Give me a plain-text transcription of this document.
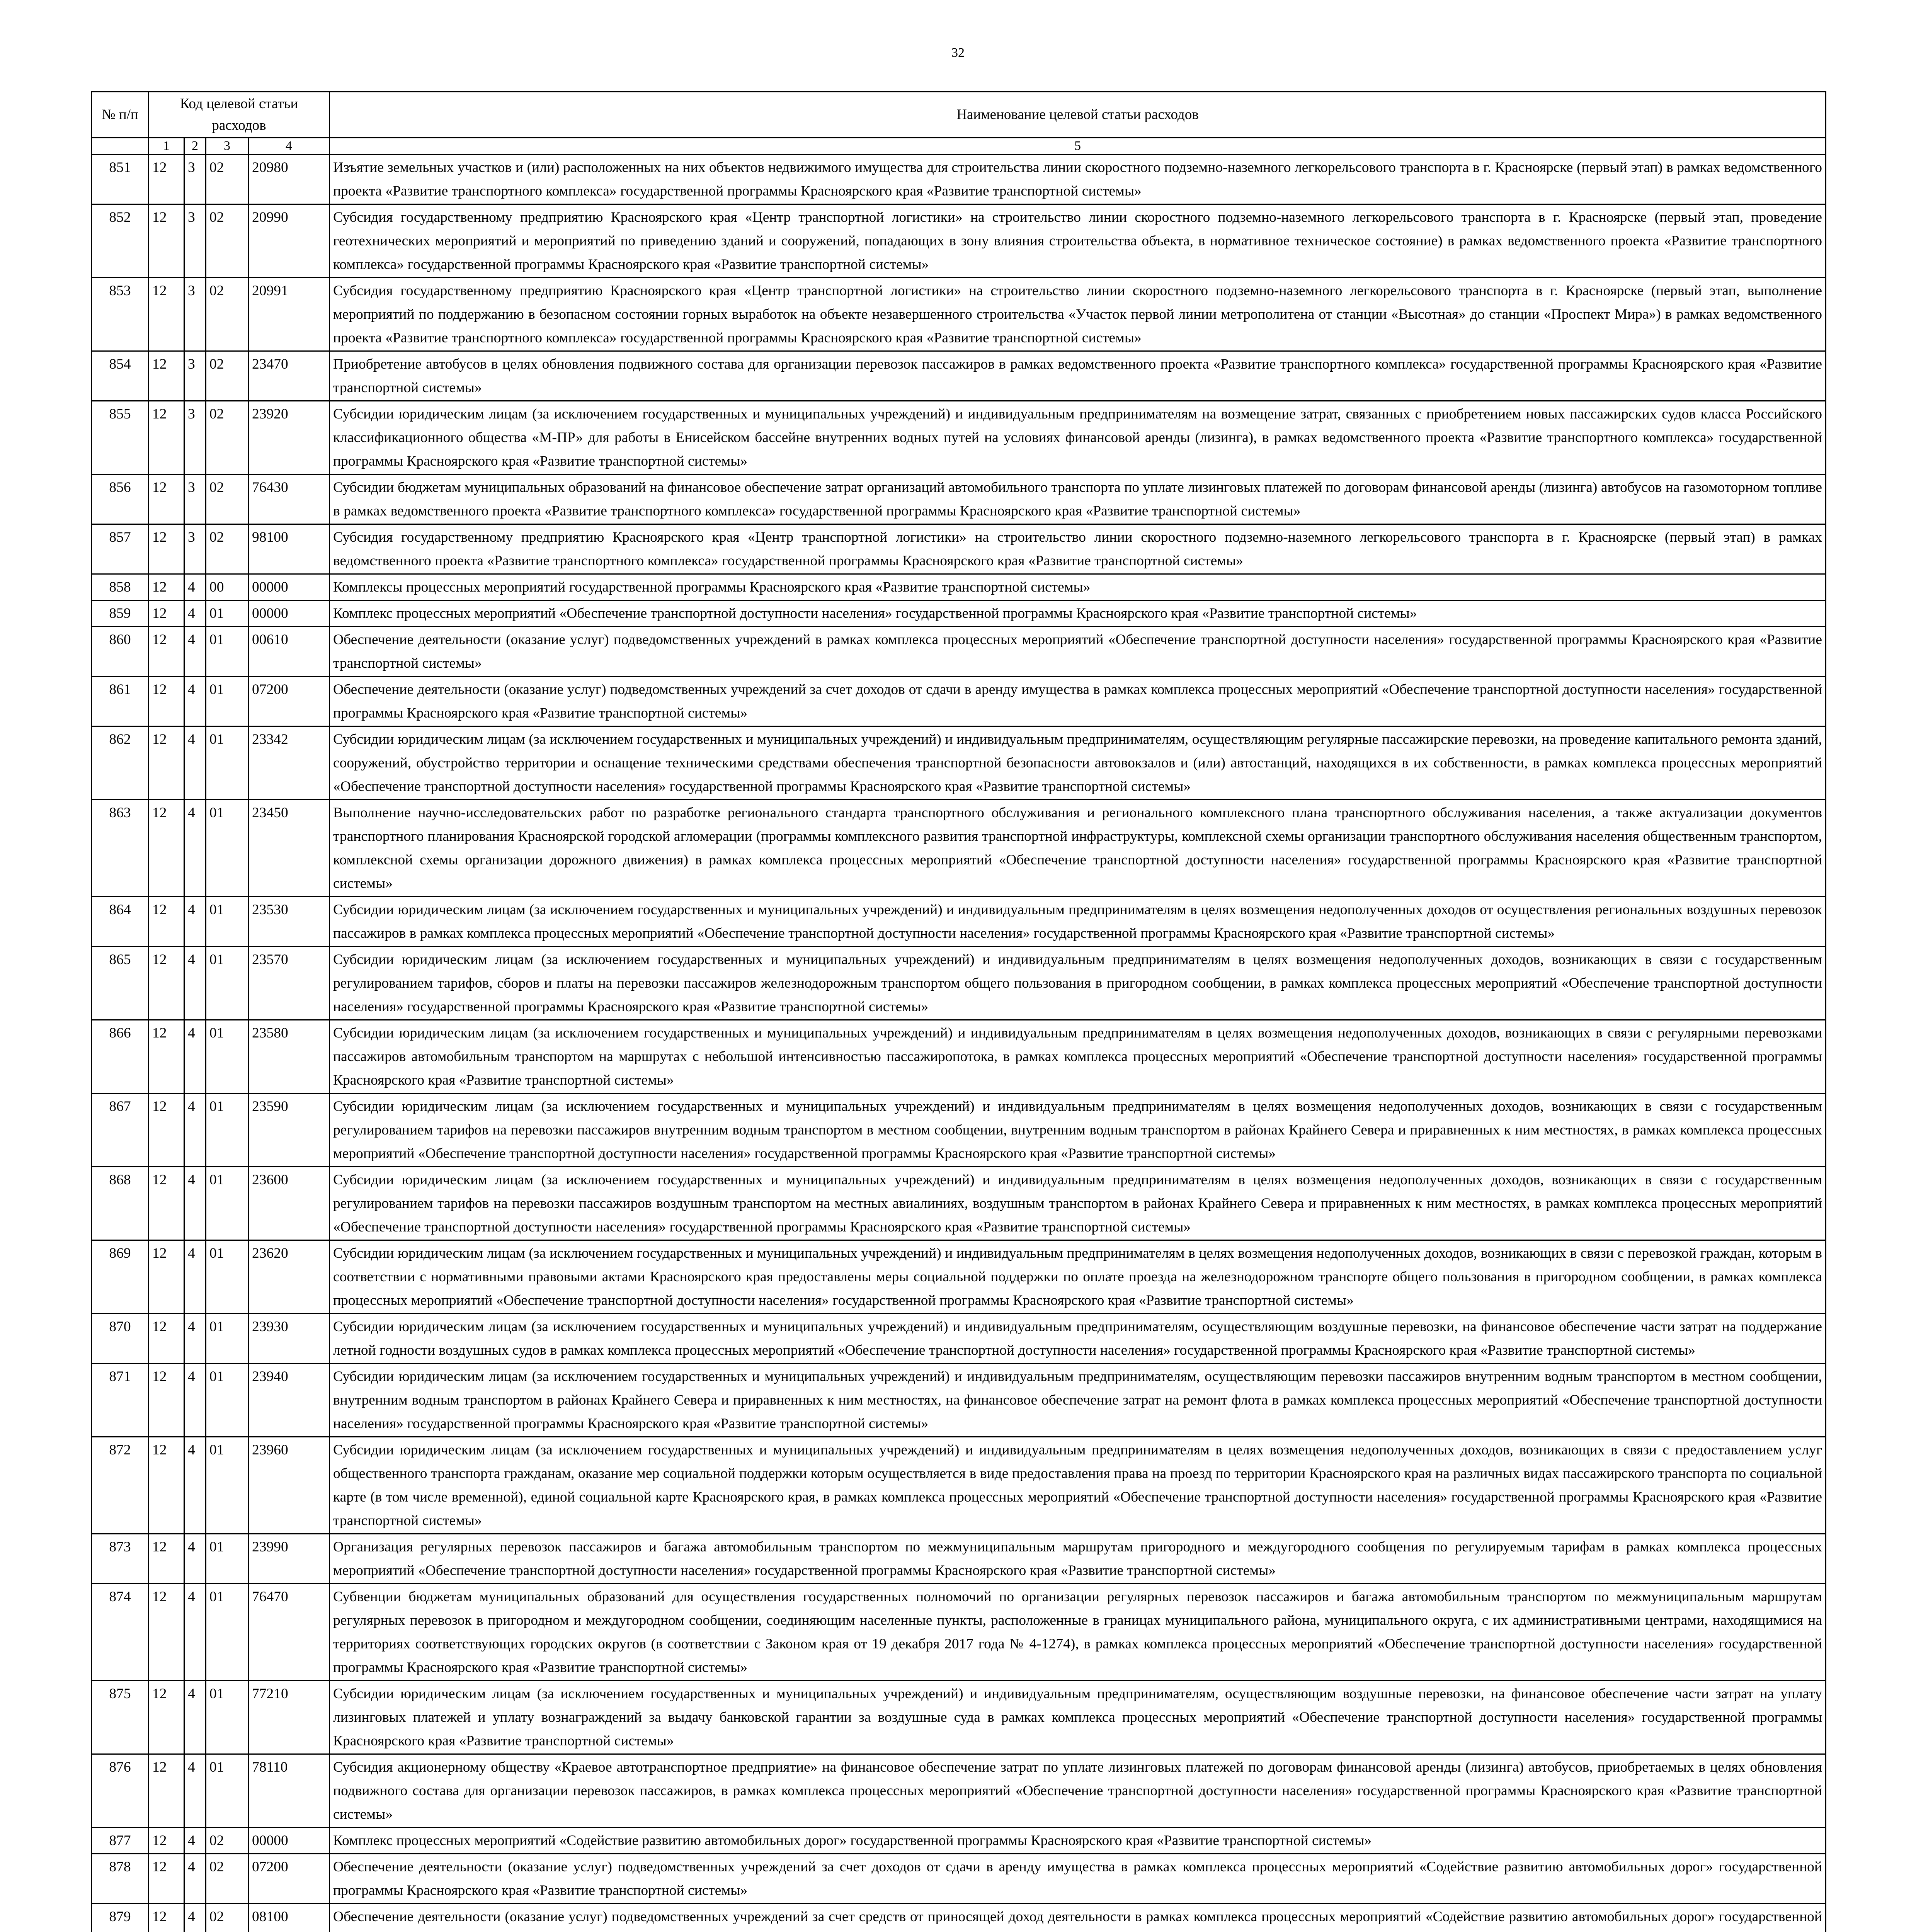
32
№ п/п	Код целевой статьи расходов				Наименование целевой статьи расходов

	1	2	3	4	5
851	12	3	02	20980	Изъятие земельных участков и (или) расположенных на них объектов недвижимого имущества для строительства линии скоростного подземно-наземного легкорельсового транспорта в г. Красноярске (первый этап) в рамках ведомственного проекта «Развитие транспортного комплекса» государственной программы Красноярского края «Развитие транспортной системы»
852	12	3	02	20990	Субсидия государственному предприятию Красноярского края «Центр транспортной логистики» на строительство линии скоростного подземно-наземного легкорельсового транспорта в г. Красноярске (первый этап, проведение геотехнических мероприятий и мероприятий по приведению зданий и сооружений, попадающих в зону влияния строительства объекта, в нормативное техническое состояние) в рамках ведомственного проекта «Развитие транспортного комплекса» государственной программы Красноярского края «Развитие транспортной системы»
853	12	3	02	20991	Субсидия государственному предприятию Красноярского края «Центр транспортной логистики» на строительство линии скоростного подземно-наземного легкорельсового транспорта в г. Красноярске (первый этап, выполнение мероприятий по поддержанию в безопасном состоянии горных выработок на объекте незавершенного строительства «Участок первой линии метрополитена от станции «Высотная» до станции «Проспект Мира») в рамках ведомственного проекта «Развитие транспортного комплекса» государственной программы Красноярского края «Развитие транспортной системы»
854	12	3	02	23470	Приобретение автобусов в целях обновления подвижного состава для организации перевозок пассажиров в рамках ведомственного проекта «Развитие транспортного комплекса» государственной программы Красноярского края «Развитие транспортной системы»
855	12	3	02	23920	Субсидии юридическим лицам (за исключением государственных и муниципальных учреждений) и индивидуальным предпринимателям на возмещение затрат, связанных с приобретением новых пассажирских судов класса Российского классификационного общества «М-ПР» для работы в Енисейском бассейне внутренних водных путей на условиях финансовой аренды (лизинга), в рамках ведомственного проекта «Развитие транспортного комплекса» государственной программы Красноярского края «Развитие транспортной системы»
856	12	3	02	76430	Субсидии бюджетам муниципальных образований на финансовое обеспечение затрат организаций автомобильного транспорта по уплате лизинговых платежей по договорам финансовой аренды (лизинга) автобусов на газомоторном топливе в рамках ведомственного проекта «Развитие транспортного комплекса» государственной программы Красноярского края «Развитие транспортной системы»
857	12	3	02	98100	Субсидия государственному предприятию Красноярского края «Центр транспортной логистики» на строительство линии скоростного подземно-наземного легкорельсового транспорта в г. Красноярске (первый этап) в рамках ведомственного проекта «Развитие транспортного комплекса» государственной программы Красноярского края «Развитие транспортной системы»
858	12	4	00	00000	Комплексы процессных мероприятий государственной программы Красноярского края «Развитие транспортной системы»
859	12	4	01	00000	Комплекс процессных мероприятий «Обеспечение транспортной доступности населения» государственной программы Красноярского края «Развитие транспортной системы»
860	12	4	01	00610	Обеспечение деятельности (оказание услуг) подведомственных учреждений в рамках комплекса процессных мероприятий «Обеспечение транспортной доступности населения» государственной программы Красноярского края «Развитие транспортной системы»
861	12	4	01	07200	Обеспечение деятельности (оказание услуг) подведомственных учреждений за счет доходов от сдачи в аренду имущества в рамках комплекса процессных мероприятий «Обеспечение транспортной доступности населения» государственной программы Красноярского края «Развитие транспортной системы»
862	12	4	01	23342	Субсидии юридическим лицам (за исключением государственных и муниципальных учреждений) и индивидуальным предпринимателям, осуществляющим регулярные пассажирские перевозки, на проведение капитального ремонта зданий, сооружений, обустройство территории и оснащение техническими средствами обеспечения транспортной безопасности автовокзалов и (или) автостанций, находящихся в их собственности, в рамках комплекса процессных мероприятий «Обеспечение транспортной доступности населения» государственной программы Красноярского края «Развитие транспортной системы»
863	12	4	01	23450	Выполнение научно-исследовательских работ по разработке регионального стандарта транспортного обслуживания и регионального комплексного плана транспортного обслуживания населения, а также актуализации документов транспортного планирования Красноярской городской агломерации (программы комплексного развития транспортной инфраструктуры, комплексной схемы организации транспортного обслуживания населения общественным транспортом, комплексной схемы организации дорожного движения) в рамках комплекса процессных мероприятий «Обеспечение транспортной доступности населения» государственной программы Красноярского края «Развитие транспортной системы»
864	12	4	01	23530	Субсидии юридическим лицам (за исключением государственных и муниципальных учреждений) и индивидуальным предпринимателям в целях возмещения недополученных доходов от осуществления региональных воздушных перевозок пассажиров в рамках комплекса процессных мероприятий «Обеспечение транспортной доступности населения» государственной программы Красноярского края «Развитие транспортной системы»
865	12	4	01	23570	Субсидии юридическим лицам (за исключением государственных и муниципальных учреждений) и индивидуальным предпринимателям в целях возмещения недополученных доходов, возникающих в связи с государственным регулированием тарифов, сборов и платы на перевозки пассажиров железнодорожным транспортом общего пользования в пригородном сообщении, в рамках комплекса процессных мероприятий «Обеспечение транспортной доступности населения» государственной программы Красноярского края «Развитие транспортной системы»
866	12	4	01	23580	Субсидии юридическим лицам (за исключением государственных и муниципальных учреждений) и индивидуальным предпринимателям в целях возмещения недополученных доходов, возникающих в связи с регулярными перевозками пассажиров автомобильным транспортом на маршрутах с небольшой интенсивностью пассажиропотока, в рамках комплекса процессных мероприятий «Обеспечение транспортной доступности населения» государственной программы Красноярского края «Развитие транспортной системы»
867	12	4	01	23590	Субсидии юридическим лицам (за исключением государственных и муниципальных учреждений) и индивидуальным предпринимателям в целях возмещения недополученных доходов, возникающих в связи с государственным регулированием тарифов на перевозки пассажиров внутренним водным транспортом в местном сообщении, внутренним водным транспортом в районах Крайнего Севера и приравненных к ним местностях, в рамках комплекса процессных мероприятий «Обеспечение транспортной доступности населения» государственной программы Красноярского края «Развитие транспортной системы»
868	12	4	01	23600	Субсидии юридическим лицам (за исключением государственных и муниципальных учреждений) и индивидуальным предпринимателям в целях возмещения недополученных доходов, возникающих в связи с государственным регулированием тарифов на перевозки пассажиров воздушным транспортом на местных авиалиниях, воздушным транспортом в районах Крайнего Севера и приравненных к ним местностях, в рамках комплекса процессных мероприятий «Обеспечение транспортной доступности населения» государственной программы Красноярского края «Развитие транспортной системы»
869	12	4	01	23620	Субсидии юридическим лицам (за исключением государственных и муниципальных учреждений) и индивидуальным предпринимателям в целях возмещения недополученных доходов, возникающих в связи с перевозкой граждан, которым в соответствии с нормативными правовыми актами Красноярского края предоставлены меры социальной поддержки по оплате проезда на железнодорожном транспорте общего пользования в пригородном сообщении, в рамках комплекса процессных мероприятий «Обеспечение транспортной доступности населения» государственной программы Красноярского края «Развитие транспортной системы»
870	12	4	01	23930	Субсидии юридическим лицам (за исключением государственных и муниципальных учреждений) и индивидуальным предпринимателям, осуществляющим воздушные перевозки, на финансовое обеспечение части затрат на поддержание летной годности воздушных судов в рамках комплекса процессных мероприятий «Обеспечение транспортной доступности населения» государственной программы Красноярского края «Развитие транспортной системы»
871	12	4	01	23940	Субсидии юридическим лицам (за исключением государственных и муниципальных учреждений) и индивидуальным предпринимателям, осуществляющим перевозки пассажиров внутренним водным транспортом в местном сообщении, внутренним водным транспортом в районах Крайнего Севера и приравненных к ним местностях, на финансовое обеспечение затрат на ремонт флота в рамках комплекса процессных мероприятий «Обеспечение транспортной доступности населения» государственной программы Красноярского края «Развитие транспортной системы»
872	12	4	01	23960	Субсидии юридическим лицам (за исключением государственных и муниципальных учреждений) и индивидуальным предпринимателям в целях возмещения недополученных доходов, возникающих в связи с предоставлением услуг общественного транспорта гражданам, оказание мер социальной поддержки которым осуществляется в виде предоставления права на проезд по территории Красноярского края на различных видах пассажирского транспорта по социальной карте (в том числе временной), единой социальной карте Красноярского края, в рамках комплекса процессных мероприятий «Обеспечение транспортной доступности населения» государственной программы Красноярского края «Развитие транспортной системы»
873	12	4	01	23990	Организация регулярных перевозок пассажиров и багажа автомобильным транспортом по межмуниципальным маршрутам пригородного и междугородного сообщения по регулируемым тарифам в рамках комплекса процессных мероприятий «Обеспечение транспортной доступности населения» государственной программы Красноярского края «Развитие транспортной системы»
874	12	4	01	76470	Субвенции бюджетам муниципальных образований для осуществления государственных полномочий по организации регулярных перевозок пассажиров и багажа автомобильным транспортом по межмуниципальным маршрутам регулярных перевозок в пригородном и междугородном сообщении, соединяющим населенные пункты, расположенные в границах муниципального района, муниципального округа, с их административными центрами, находящимися на территориях соответствующих городских округов (в соответствии с Законом края от 19 декабря 2017 года № 4-1274), в рамках комплекса процессных мероприятий «Обеспечение транспортной доступности населения» государственной программы Красноярского края «Развитие транспортной системы»
875	12	4	01	77210	Субсидии юридическим лицам (за исключением государственных и муниципальных учреждений) и индивидуальным предпринимателям, осуществляющим воздушные перевозки, на финансовое обеспечение части затрат на уплату лизинговых платежей и уплату вознаграждений за выдачу банковской гарантии за воздушные суда в рамках комплекса процессных мероприятий «Обеспечение транспортной доступности населения» государственной программы Красноярского края «Развитие транспортной системы»
876	12	4	01	78110	Субсидия акционерному обществу «Краевое автотранспортное предприятие» на финансовое обеспечение затрат по уплате лизинговых платежей по договорам финансовой аренды (лизинга) автобусов, приобретаемых в целях обновления подвижного состава для организации перевозок пассажиров, в рамках комплекса процессных мероприятий «Обеспечение транспортной доступности населения» государственной программы Красноярского края «Развитие транспортной системы»
877	12	4	02	00000	Комплекс процессных мероприятий «Содействие развитию автомобильных дорог» государственной программы Красноярского края «Развитие транспортной системы»
878	12	4	02	07200	Обеспечение деятельности (оказание услуг) подведомственных учреждений за счет доходов от сдачи в аренду имущества в рамках комплекса процессных мероприятий «Содействие развитию автомобильных дорог» государственной программы Красноярского края «Развитие транспортной системы»
879	12	4	02	08100	Обеспечение деятельности (оказание услуг) подведомственных учреждений за счет средств от приносящей доход деятельности в рамках комплекса процессных мероприятий «Содействие развитию автомобильных дорог» государственной
